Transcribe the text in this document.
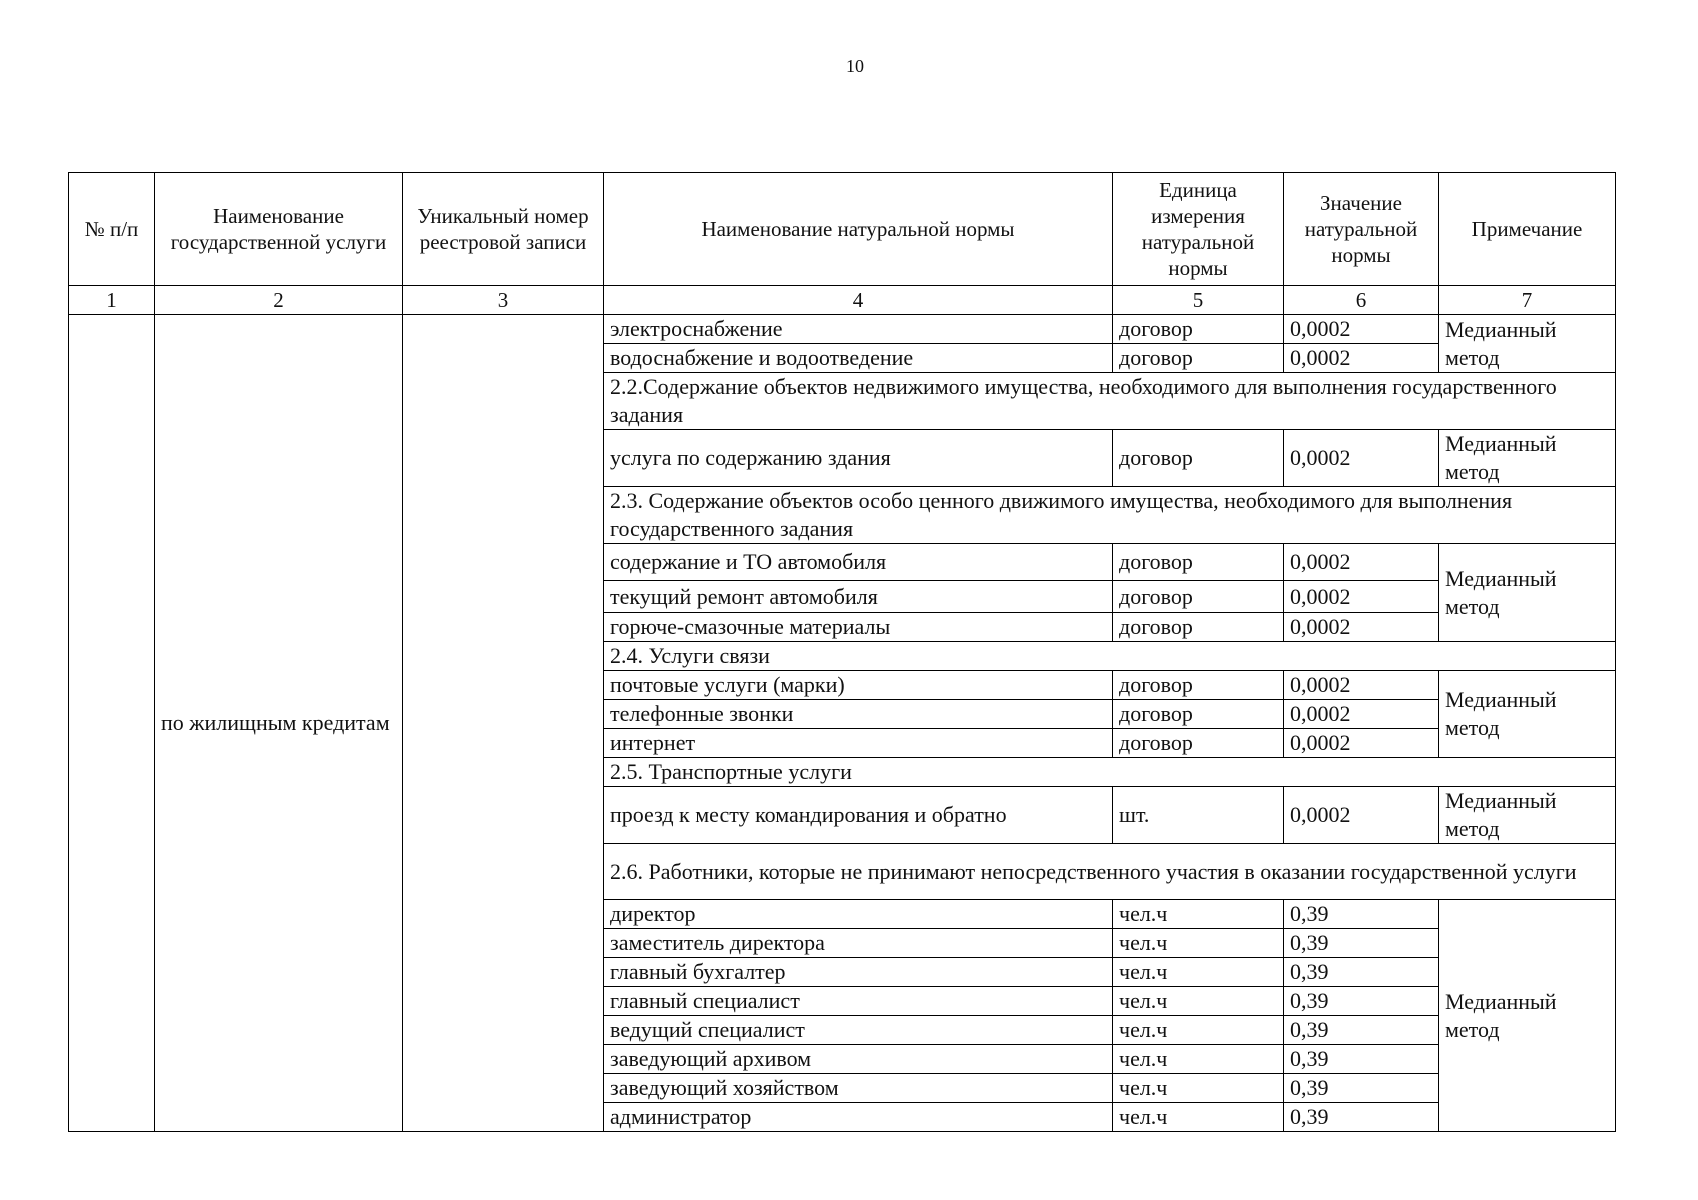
10
№ п/п	Наименование государственной услуги	Уникальный номер реестровой записи	Наименование натуральной нормы	Единица измерения натуральной нормы	Значение натуральной нормы	Примечание
1	2	3	4	5	6	7
	по жилищным кредитам		электроснабжение	договор	0,0002	Медианный метод
			водоснабжение и водоотведение	договор	0,0002	
			2.2.Содержание объектов недвижимого имущества, необходимого для выполнения государственного задания			
			услуга по содержанию здания	договор	0,0002	Медианный метод
			2.3. Содержание объектов особо ценного движимого имущества, необходимого для выполнения государственного задания			
			содержание и ТО автомобиля	договор	0,0002	Медианный метод
			текущий ремонт автомобиля	договор	0,0002	
			горюче-смазочные материалы	договор	0,0002	
			2.4. Услуги связи			
			почтовые услуги (марки)	договор	0,0002	Медианный метод
			телефонные звонки	договор	0,0002	
			интернет	договор	0,0002	
			2.5. Транспортные услуги			
			проезд к месту командирования и обратно	шт.	0,0002	Медианный метод
			2.6. Работники, которые не принимают непосредственного участия в оказании государственной услуги			
			директор	чел.ч	0,39	Медианный метод
			заместитель директора	чел.ч	0,39	
			главный бухгалтер	чел.ч	0,39	
			главный специалист	чел.ч	0,39	
			ведущий специалист	чел.ч	0,39	
			заведующий архивом	чел.ч	0,39	
			заведующий хозяйством	чел.ч	0,39	
			администратор	чел.ч	0,39	
